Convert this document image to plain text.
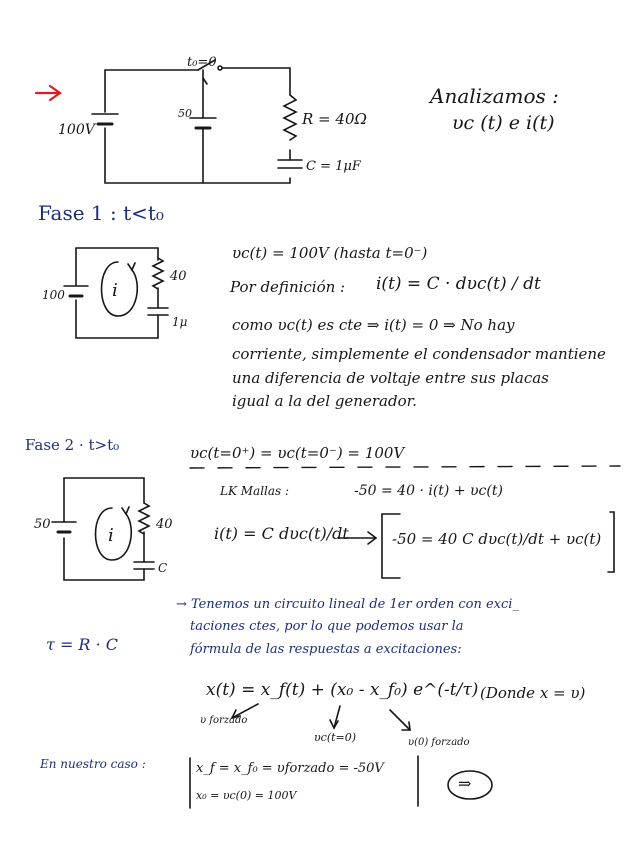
t₀=0
100V
50	R = 40Ω
C = 1μF
Analizamos :
υc (t) e i(t)
Fase 1 : t<t₀
100
40
1μ
i
υc(t) = 100V (hasta t=0⁻)
Por definición : i(t) = C · dυc(t) / dt
como υc(t) es cte ⇒ i(t) = 0 ⇒ No hay
corriente, simplemente el condensador mantiene
una diferencia de voltaje entre sus placas
igual a la del generador.
Fase 2 · t>t₀
50	40
C
i
υc(t=0⁺) = υc(t=0⁻) = 100V
LK Mallas :	-50 = 40 · i(t) + υc(t)
i(t) = C dυc(t)/dt	-50 = 40 C dυc(t)/dt + υc(t)
τ = R · C
→ Tenemos un circuito lineal de 1er orden con exci_
taciones ctes, por lo que podemos usar la
fórmula de las respuestas a excitaciones:
x(t) = x_f(t) + (x₀ - x_f₀) e^(-t/τ) (Donde x = υ)
υ forzado
υc(t=0)	υ(0) forzado
En nuestro caso :	x_f = x_f₀ = υforzado = -50V
x₀ = υc(0) = 100V
⇒
